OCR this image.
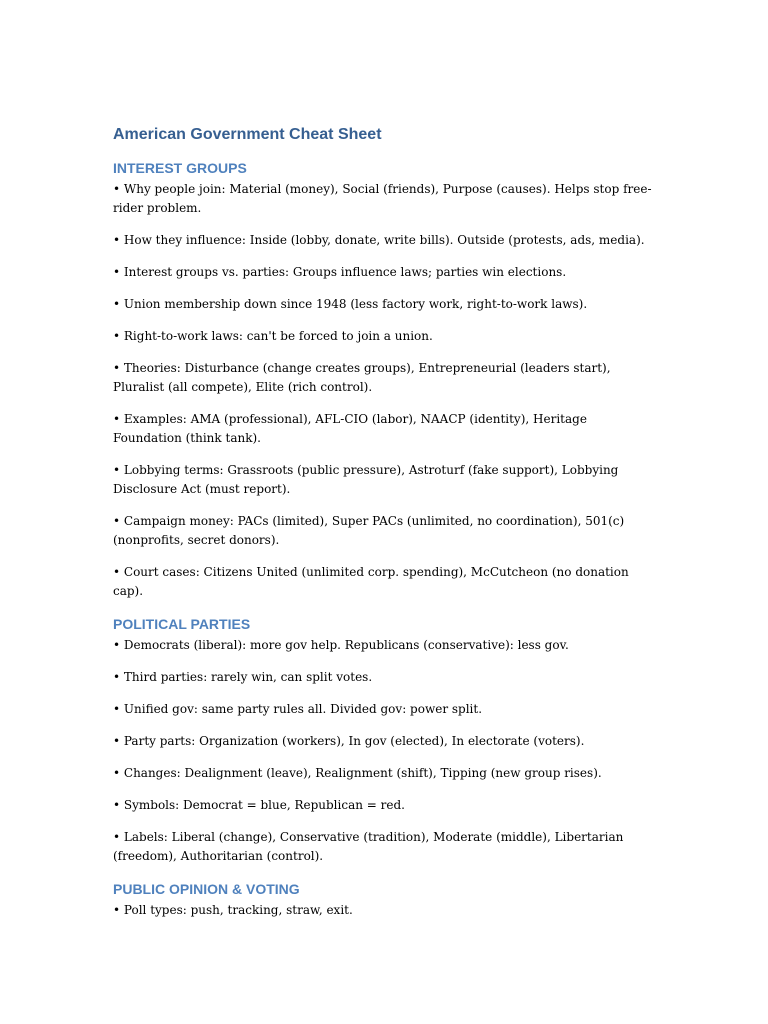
American Government Cheat Sheet
INTEREST GROUPS

• Why people join: Material (money), Social (friends), Purpose (causes). Helps stop free-rider problem.

• How they influence: Inside (lobby, donate, write bills). Outside (protests, ads, media).

• Interest groups vs. parties: Groups influence laws; parties win elections.

• Union membership down since 1948 (less factory work, right-to-work laws).

• Right-to-work laws: can't be forced to join a union.

• Theories: Disturbance (change creates groups), Entrepreneurial (leaders start), Pluralist (all compete), Elite (rich control).

• Examples: AMA (professional), AFL-CIO (labor), NAACP (identity), Heritage Foundation (think tank).

• Lobbying terms: Grassroots (public pressure), Astroturf (fake support), Lobbying Disclosure Act (must report).

• Campaign money: PACs (limited), Super PACs (unlimited, no coordination), 501(c) (nonprofits, secret donors).

• Court cases: Citizens United (unlimited corp. spending), McCutcheon (no donation cap).

POLITICAL PARTIES

• Democrats (liberal): more gov help. Republicans (conservative): less gov.

• Third parties: rarely win, can split votes.

• Unified gov: same party rules all. Divided gov: power split.

• Party parts: Organization (workers), In gov (elected), In electorate (voters).

• Changes: Dealignment (leave), Realignment (shift), Tipping (new group rises).

• Symbols: Democrat = blue, Republican = red.

• Labels: Liberal (change), Conservative (tradition), Moderate (middle), Libertarian (freedom), Authoritarian (control).

PUBLIC OPINION & VOTING

• Poll types: push, tracking, straw, exit.
